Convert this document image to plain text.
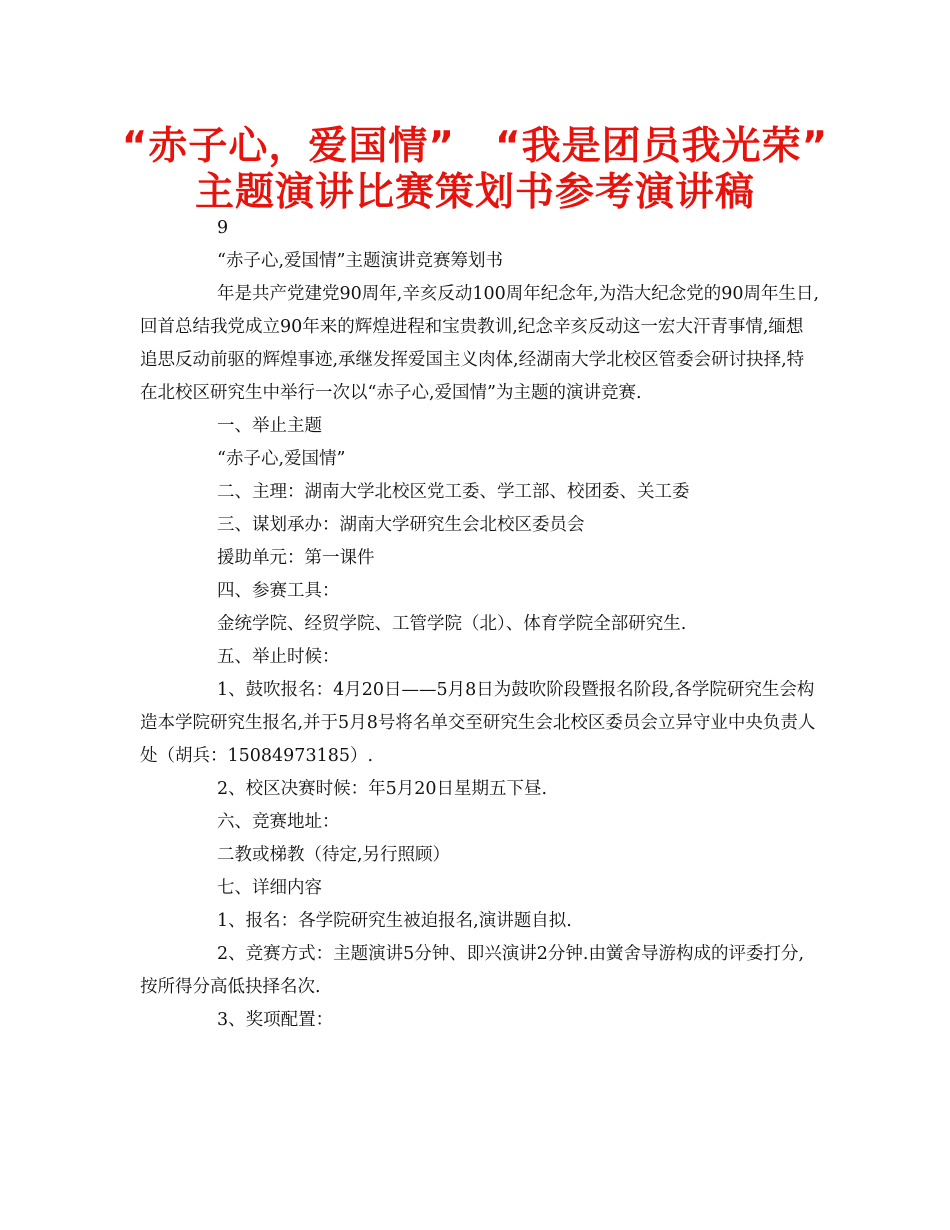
“赤子心，爱国情”　“我是团员我光荣”
主题演讲比赛策划书参考演讲稿

9

“赤子心,爱国情”主题演讲竞赛筹划书

年是共产党建党90周年,辛亥反动100周年纪念年,为浩大纪念党的90周年生日,回首总结我党成立90年来的辉煌进程和宝贵教训,纪念辛亥反动这一宏大汗青事情,缅想追思反动前驱的辉煌事迹,承继发挥爱国主义肉体,经湖南大学北校区管委会研讨抉择,特在北校区研究生中举行一次以“赤子心,爱国情”为主题的演讲竞赛.

一、举止主题

“赤子心,爱国情”

二、主理：湖南大学北校区党工委、学工部、校团委、关工委

三、谋划承办：湖南大学研究生会北校区委员会

援助单元：第一课件

四、参赛工具：

金统学院、经贸学院、工管学院（北）、体育学院全部研究生.

五、举止时候：

1、鼓吹报名：4月20日——5月8日为鼓吹阶段暨报名阶段,各学院研究生会构造本学院研究生报名,并于5月8号将名单交至研究生会北校区委员会立异守业中央负责人处（胡兵：15084973185）.

2、校区决赛时候：年5月20日星期五下昼.

六、竞赛地址：

二教或梯教（待定,另行照顾）

七、详细内容

1、报名：各学院研究生被迫报名,演讲题自拟.

2、竞赛方式：主题演讲5分钟、即兴演讲2分钟.由黉舍导游构成的评委打分,按所得分高低抉择名次.

3、奖项配置：
